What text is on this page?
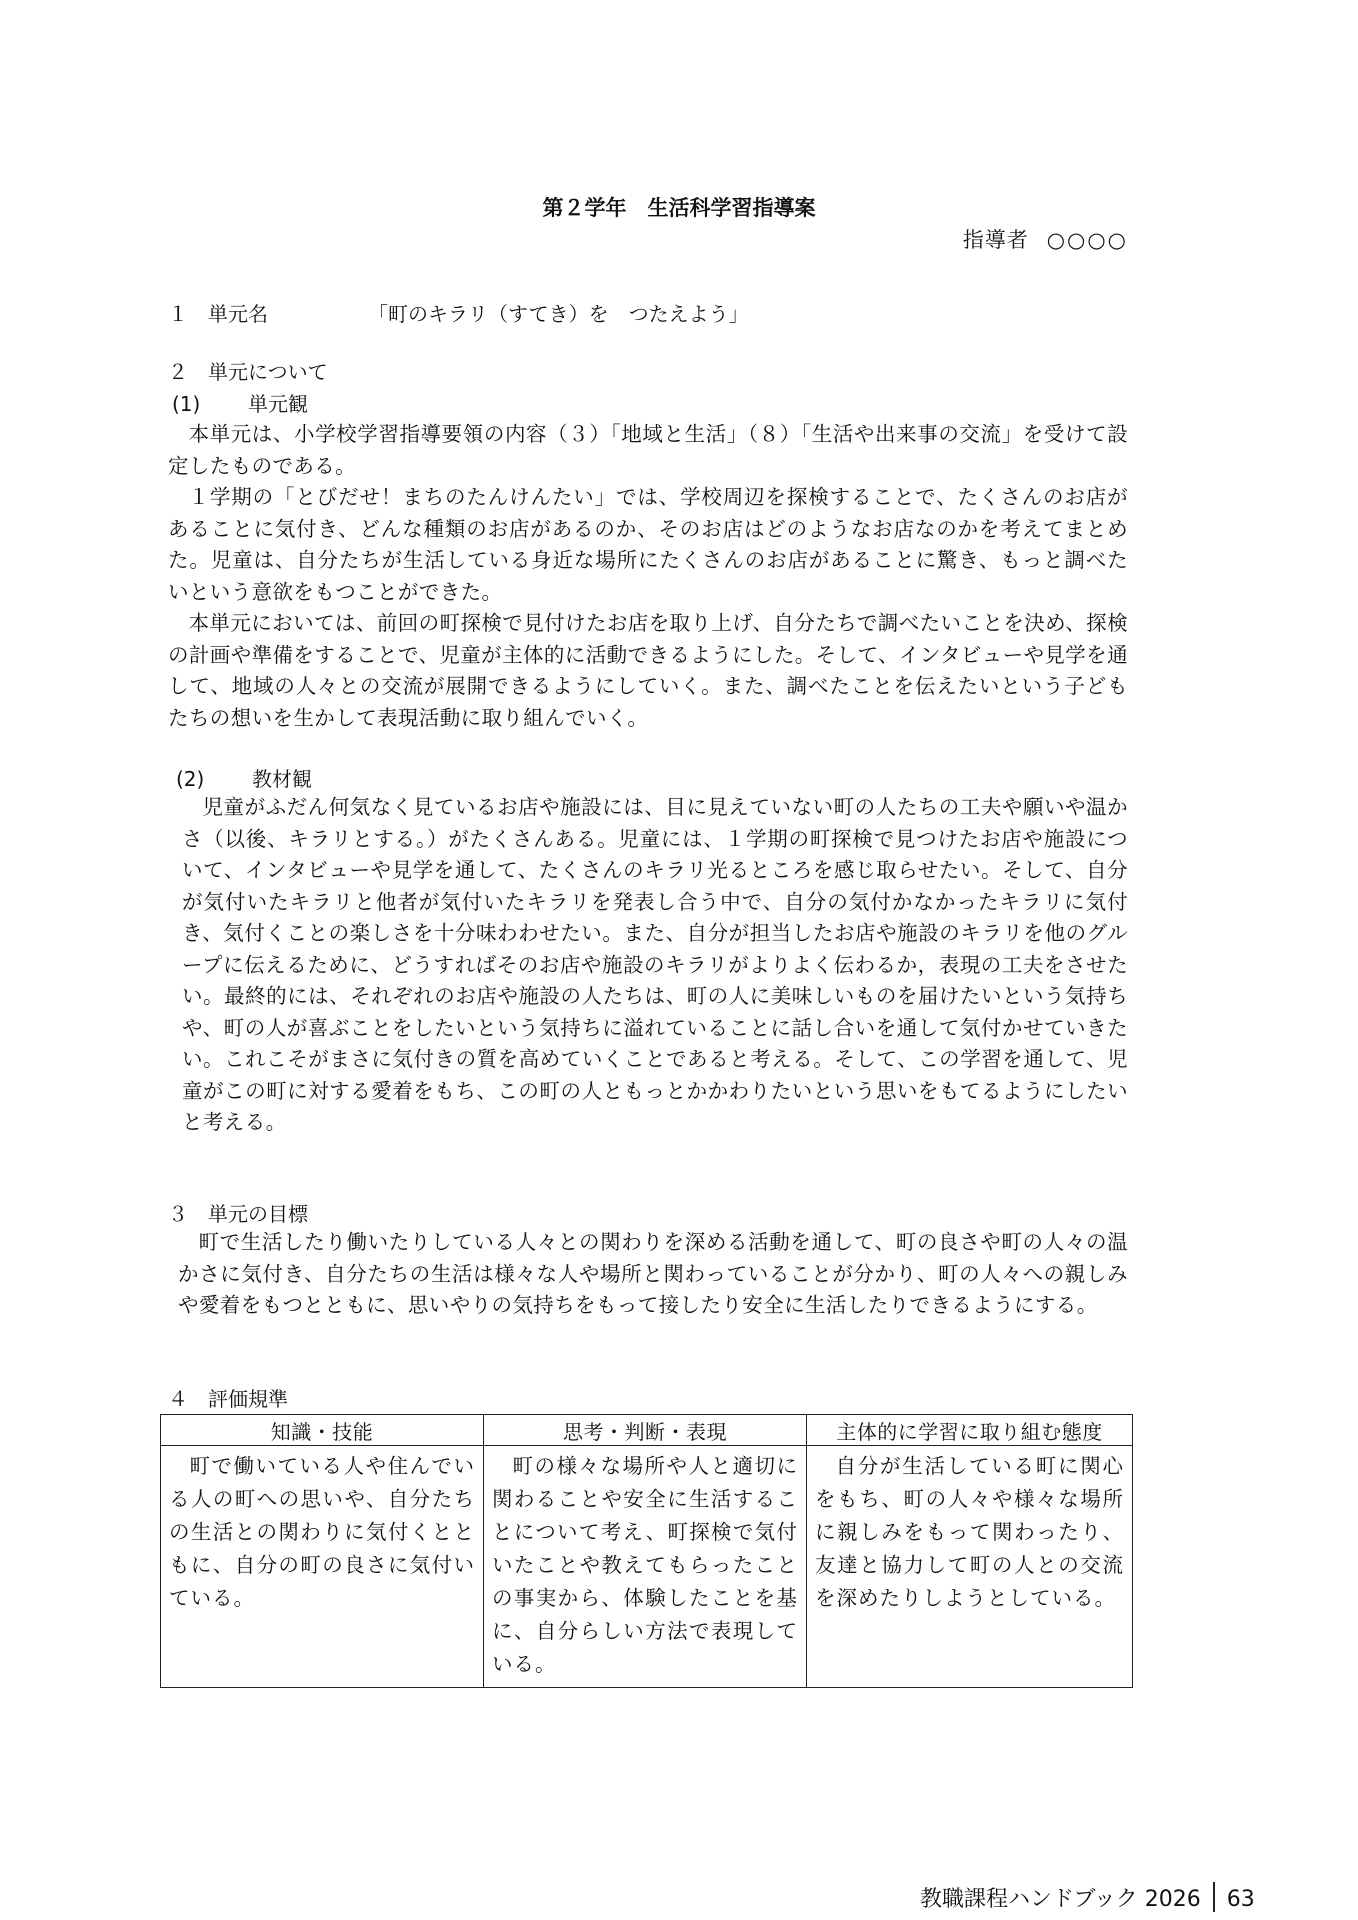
第２学年　生活科学習指導案
指導者 ○○○○
１ 単元名	「町のキラリ（すてき）を　つたえよう」
２ 単元について
(1) 単元観

本単元は、小学校学習指導要領の内容（３）「地域と生活」（８）「生活や出来事の交流」を受けて設定したものである。

１学期の「とびだせ！まちのたんけんたい」では、学校周辺を探検することで、たくさんのお店があることに気付き、どんな種類のお店があるのか、そのお店はどのようなお店なのかを考えてまとめた。児童は、自分たちが生活している身近な場所にたくさんのお店があることに驚き、もっと調べたいという意欲をもつことができた。

本単元においては、前回の町探検で見付けたお店を取り上げ、自分たちで調べたいことを決め、探検の計画や準備をすることで、児童が主体的に活動できるようにした。そして、インタビューや見学を通して、地域の人々との交流が展開できるようにしていく。また、調べたことを伝えたいという子どもたちの想いを生かして表現活動に取り組んでいく。

(2) 教材観

児童がふだん何気なく見ているお店や施設には、目に見えていない町の人たちの工夫や願いや温かさ（以後、キラリとする。）がたくさんある。児童には、１学期の町探検で見つけたお店や施設について、インタビューや見学を通して、たくさんのキラリ光るところを感じ取らせたい。そして、自分が気付いたキラリと他者が気付いたキラリを発表し合う中で、自分の気付かなかったキラリに気付き、気付くことの楽しさを十分味わわせたい。また、自分が担当したお店や施設のキラリを他のグループに伝えるために、どうすればそのお店や施設のキラリがよりよく伝わるか，表現の工夫をさせたい。最終的には、それぞれのお店や施設の人たちは、町の人に美味しいものを届けたいという気持ちや、町の人が喜ぶことをしたいという気持ちに溢れていることに話し合いを通して気付かせていきたい。これこそがまさに気付きの質を高めていくことであると考える。そして、この学習を通して、児童がこの町に対する愛着をもち、この町の人ともっとかかわりたいという思いをもてるようにしたいと考える。

３ 単元の目標

町で生活したり働いたりしている人々との関わりを深める活動を通して、町の良さや町の人々の温かさに気付き、自分たちの生活は様々な人や場所と関わっていることが分かり、町の人々への親しみや愛着をもつとともに、思いやりの気持ちをもって接したり安全に生活したりできるようにする。

４ 評価規準
知識・技能	思考・判断・表現	主体的に学習に取り組む態度

町で働いている人や住んでいる人の町への思いや、自分たちの生活との関わりに気付くとともに、自分の町の良さに気付いている。	町の様々な場所や人と適切に関わることや安全に生活することについて考え、町探検で気付いたことや教えてもらったことの事実から、体験したことを基に、自分らしい方法で表現している。	自分が生活している町に関心をもち、町の人々や様々な場所に親しみをもって関わったり、友達と協力して町の人との交流を深めたりしようとしている。
教職課程ハンドブック 2026 63
